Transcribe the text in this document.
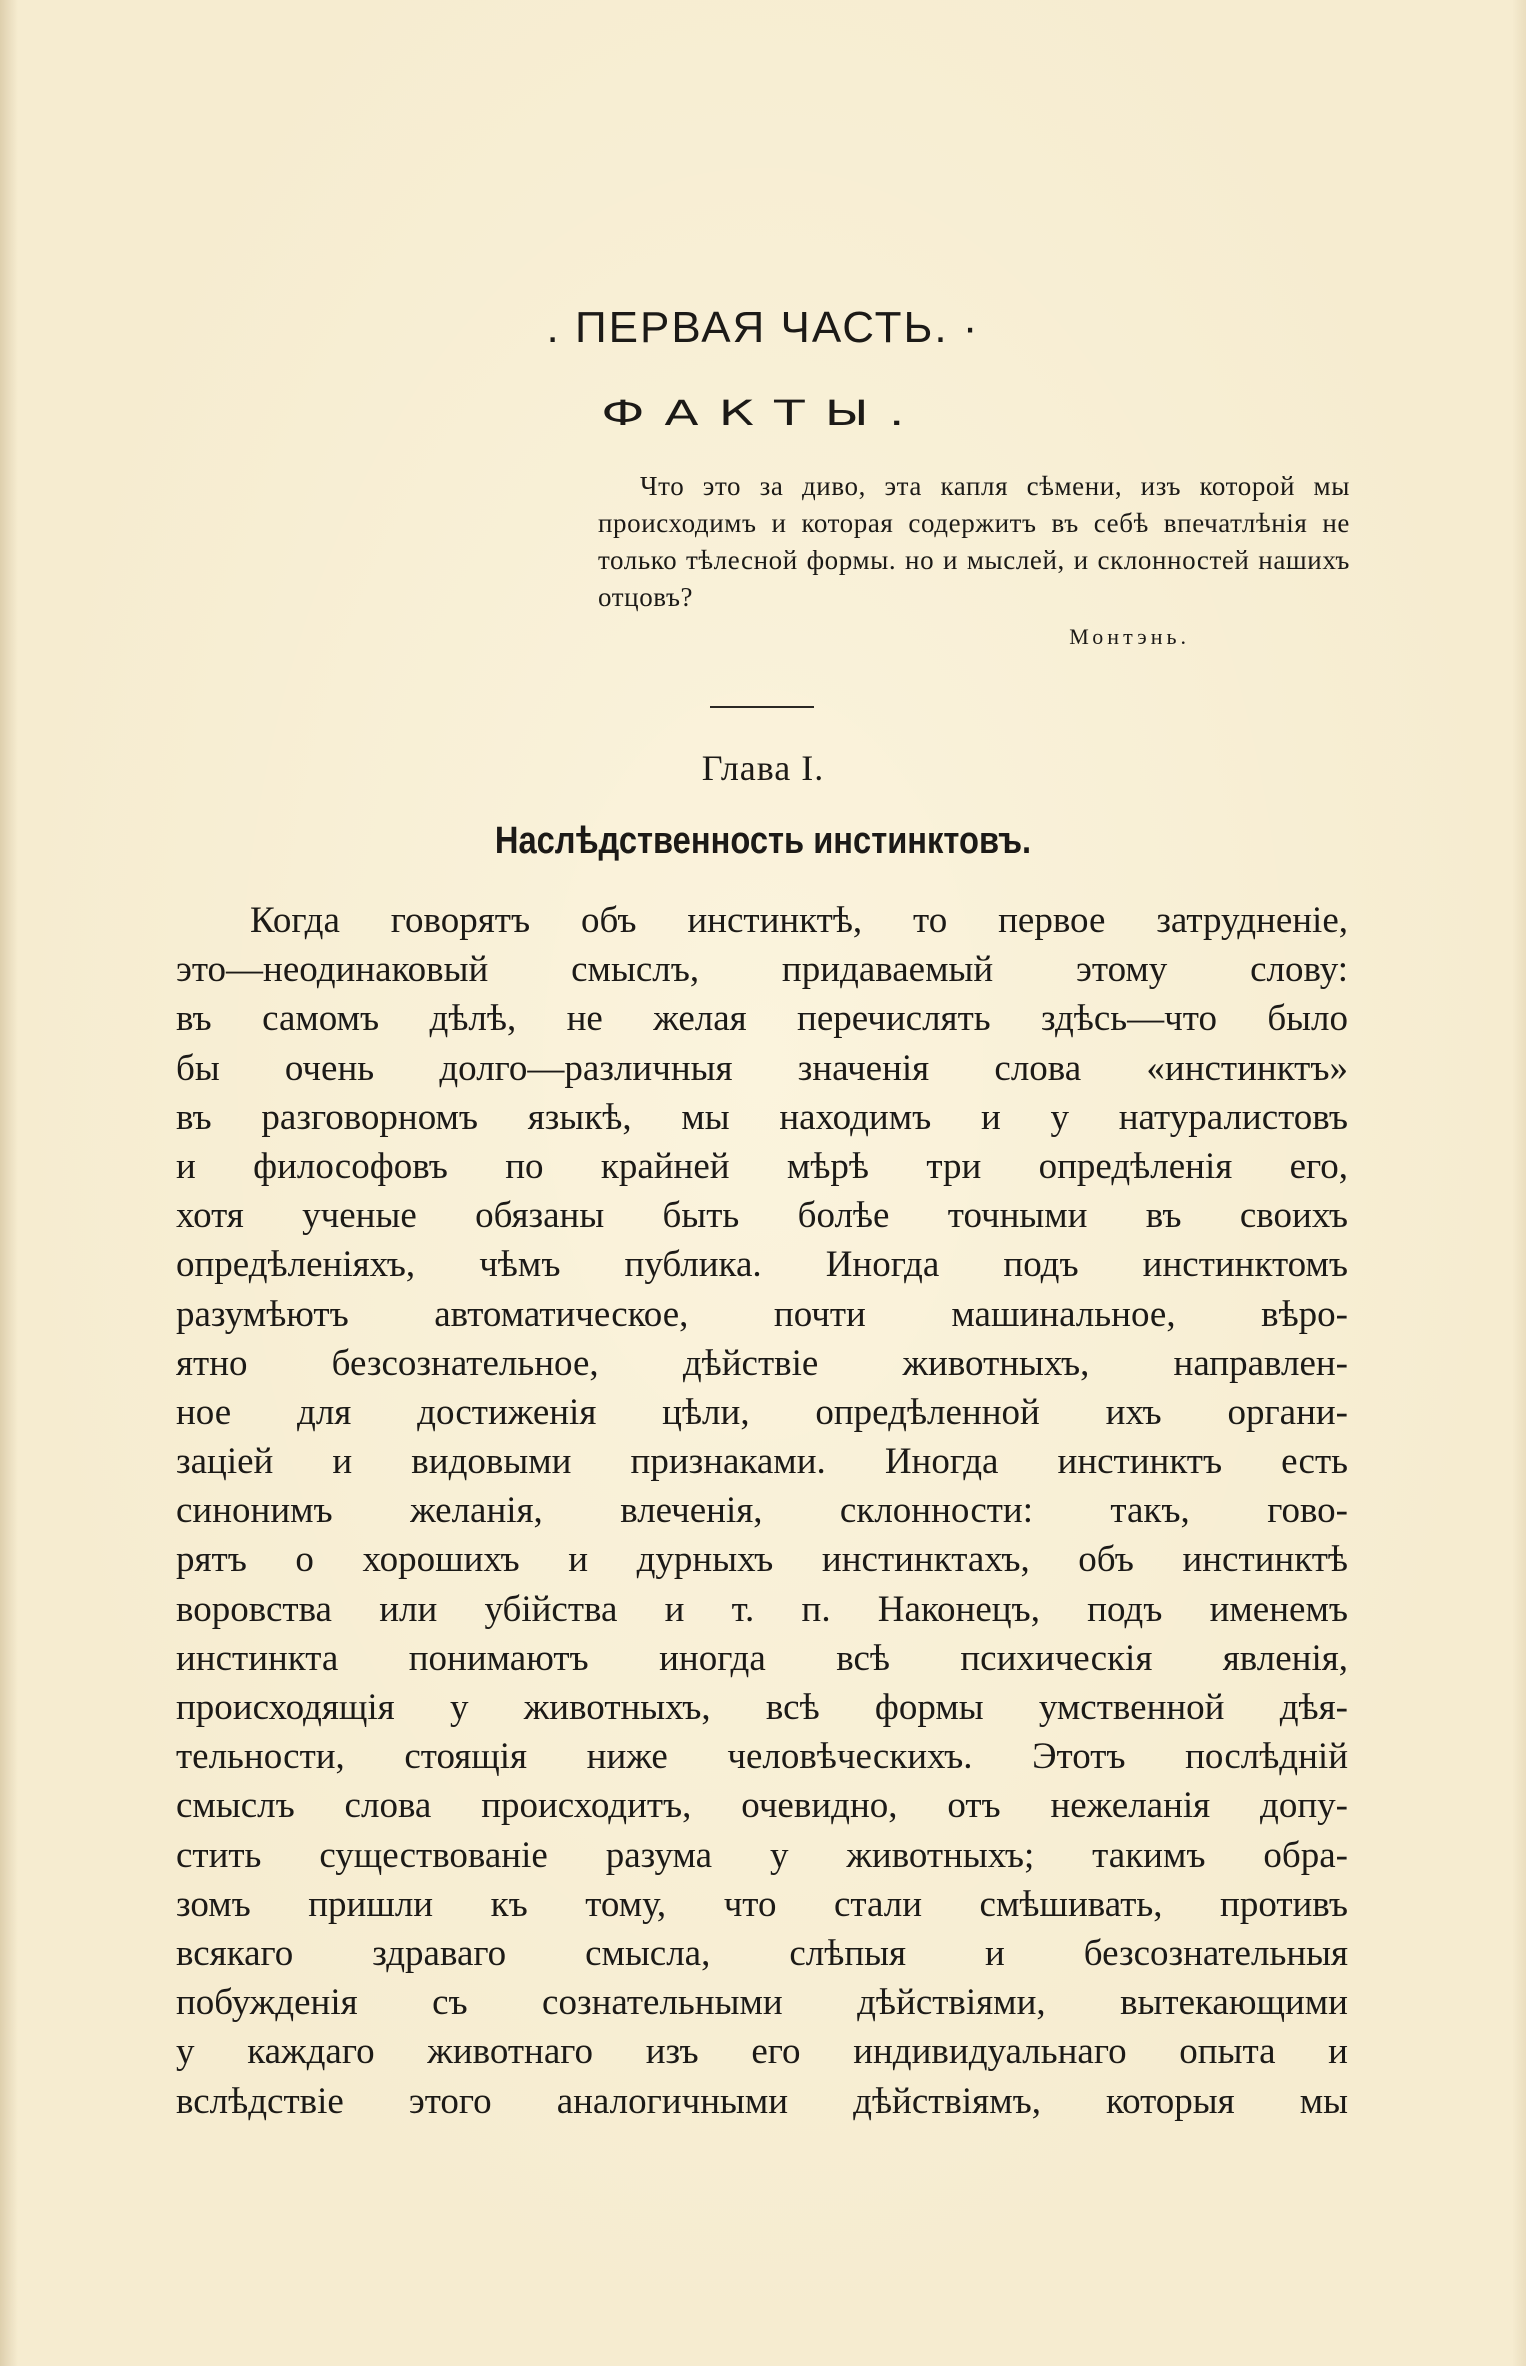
. ПЕРВАЯ ЧАСТЬ. ·
ФАКТЫ.
Что это за диво, эта капля сѣмени, изъ которой мы происходимъ и которая содержитъ въ себѣ впечатлѣнія не только тѣлесной формы. но и мыслей, и склонностей нашихъ отцовъ?
Монтэнь.
Глава I.
Наслѣдственность инстинктовъ.
Когда говорятъ объ инстинктѣ, то первое затрудненіе,
это—неодинаковый смыслъ, придаваемый этому слову:
въ самомъ дѣлѣ, не желая перечислять здѣсь—что было
бы очень долго—различныя значенія слова «инстинктъ»
въ разговорномъ языкѣ, мы находимъ и у натуралистовъ
и философовъ по крайней мѣрѣ три опредѣленія его,
хотя ученые обязаны быть болѣе точными въ своихъ
опредѣленіяхъ, чѣмъ публика. Иногда подъ инстинктомъ
разумѣютъ автоматическое, почти машинальное, вѣро-
ятно безсознательное, дѣйствіе животныхъ, направлен-
ное для достиженія цѣли, опредѣленной ихъ органи-
заціей и видовыми признаками. Иногда инстинктъ есть
синонимъ желанія, влеченія, склонности: такъ, гово-
рятъ о хорошихъ и дурныхъ инстинктахъ, объ инстинктѣ
воровства или убійства и т. п. Наконецъ, подъ именемъ
инстинкта понимаютъ иногда всѣ психическія явленія,
происходящія у животныхъ, всѣ формы умственной дѣя-
тельности, стоящія ниже человѣческихъ. Этотъ послѣдній
смыслъ слова происходитъ, очевидно, отъ нежеланія допу-
стить существованіе разума у животныхъ; такимъ обра-
зомъ пришли къ тому, что стали смѣшивать, противъ
всякаго здраваго смысла, слѣпыя и безсознательныя
побужденія съ сознательными дѣйствіями, вытекающими
у каждаго животнаго изъ его индивидуальнаго опыта и
вслѣдствіе этого аналогичными дѣйствіямъ, которыя мы
